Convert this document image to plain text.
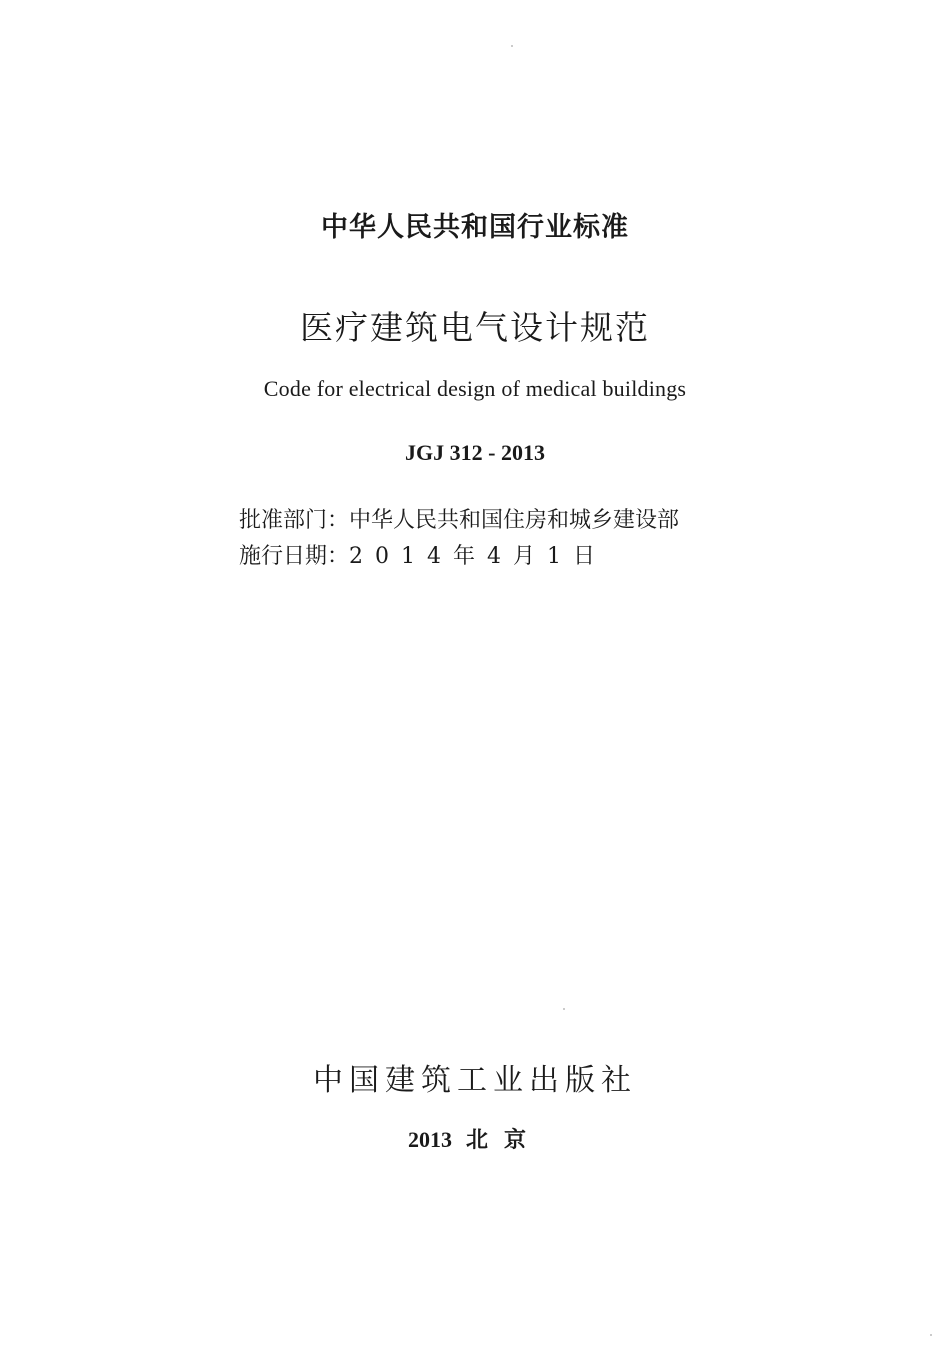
中华人民共和国行业标准
医疗建筑电气设计规范
Code for electrical design of medical buildings
JGJ 312 - 2013
批准部门：中华人民共和国住房和城乡建设部
施行日期：2014年4月1日
中国建筑工业出版社
2013 北京
